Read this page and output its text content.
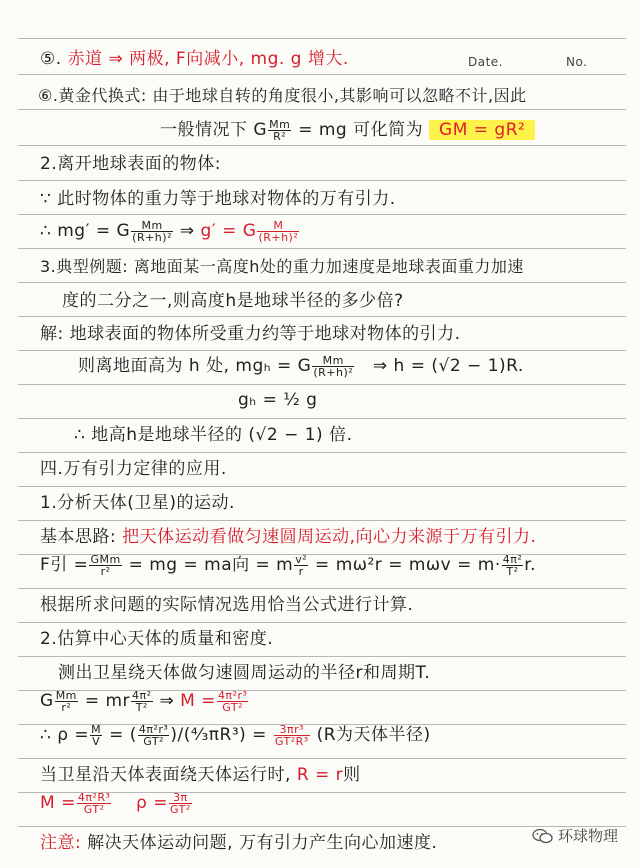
Date.	No.
⑤. 赤道 ⇒ 两极, F向减小, mg. g 增大.
⑥.黄金代换式: 由于地球自转的角度很小,其影响可以忽略不计,因此
一般情况下 G $\frac{Mm}{\text{R²}}$ = mg 可化简为 GM = gR²
2.离开地球表面的物体:
∵ 此时物体的重力等于地球对物体的万有引力.
∴ mg′ = G $\frac{Mm}{\text{(R+h)²}}$ ⇒ g′ = G $\frac{M}{\text{(R+h)²}}$
3.典型例题: 离地面某一高度h处的重力加速度是地球表面重力加速
度的二分之一,则高度h是地球半径的多少倍?
解: 地球表面的物体所受重力约等于地球对物体的引力.
则离地面高为 h 处, mgₕ = G $\frac{Mm}{\text{(R+h)²}}$ ⇒ h = (√2 − 1)R.
gₕ = ½ g
∴ 地高h是地球半径的 (√2 − 1) 倍.
四.万有引力定律的应用.
1.分析天体(卫星)的运动.
基本思路: 把天体运动看做匀速圆周运动,向心力来源于万有引力.
F引 = $\frac{\text{GMm}}{\text{r²}}$ = mg = ma向 = m $\frac{\text{v²}}{r} = m\omega^2r = m\omega v = m\cdot \frac{\text{4π²}}{\text{T²}} r$.
根据所求问题的实际情况选用恰当公式进行计算.
2.估算中心天体的质量和密度.
测出卫星绕天体做匀速圆周运动的半径r和周期T.
G $\frac{Mm}{\text{r²}}$ = mr $\frac{\text{4π²}}{\text{T²}}$ ⇒ $M = \frac{\text{4π²r³}}{\text{GT²}}$
∴ $\rho = \frac{M}{V}$ = ( $\frac{\text{4π²r³}}{\text{GT²}}$ )/(⁴⁄₃πR³) = $\frac{\text{3πr³}}{\text{GT²R³}} (R$为天体半径)
当卫星沿天体表面绕天体运行时, R = r则
$M = \frac{\text{4π²R³}}{\text{GT²}}$ $\rho = \frac{3\pi}{\text{GT²}}$
注意: 解决天体运动问题, 万有引力产生向心加速度.	环球物理
